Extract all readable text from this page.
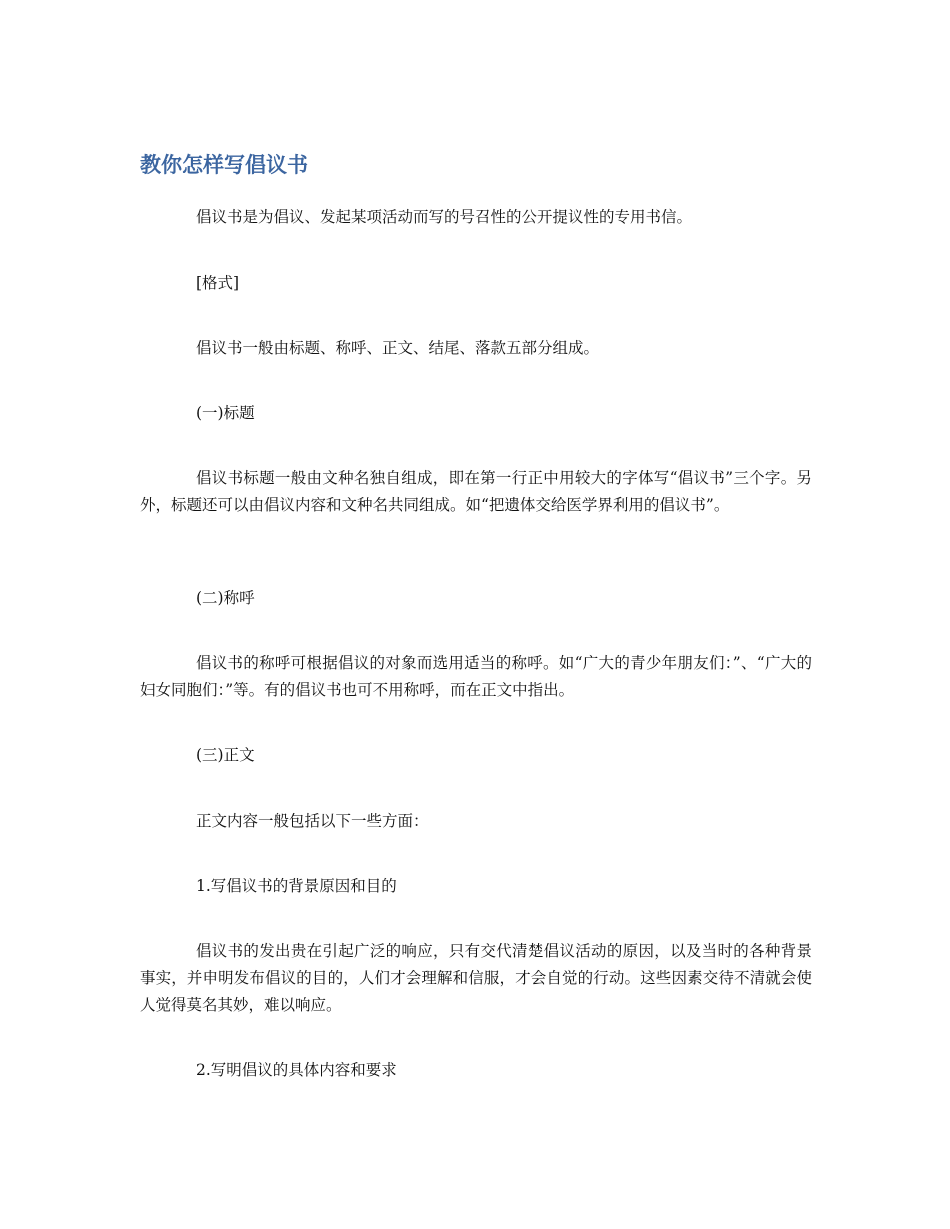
教你怎样写倡议书

倡议书是为倡议、发起某项活动而写的号召性的公开提议性的专用书信。

[格式]

倡议书一般由标题、称呼、正文、结尾、落款五部分组成。

(一)标题

倡议书标题一般由文种名独自组成，即在第一行正中用较大的字体写“倡议书”三个字。另外，标题还可以由倡议内容和文种名共同组成。如“把遗体交给医学界利用的倡议书”。

(二)称呼

倡议书的称呼可根据倡议的对象而选用适当的称呼。如“广大的青少年朋友们：”、“广大的妇女同胞们：”等。有的倡议书也可不用称呼，而在正文中指出。

(三)正文

正文内容一般包括以下一些方面：

1.写倡议书的背景原因和目的

倡议书的发出贵在引起广泛的响应，只有交代清楚倡议活动的原因，以及当时的各种背景事实，并申明发布倡议的目的，人们才会理解和信服，才会自觉的行动。这些因素交待不清就会使人觉得莫名其妙，难以响应。

2.写明倡议的具体内容和要求
